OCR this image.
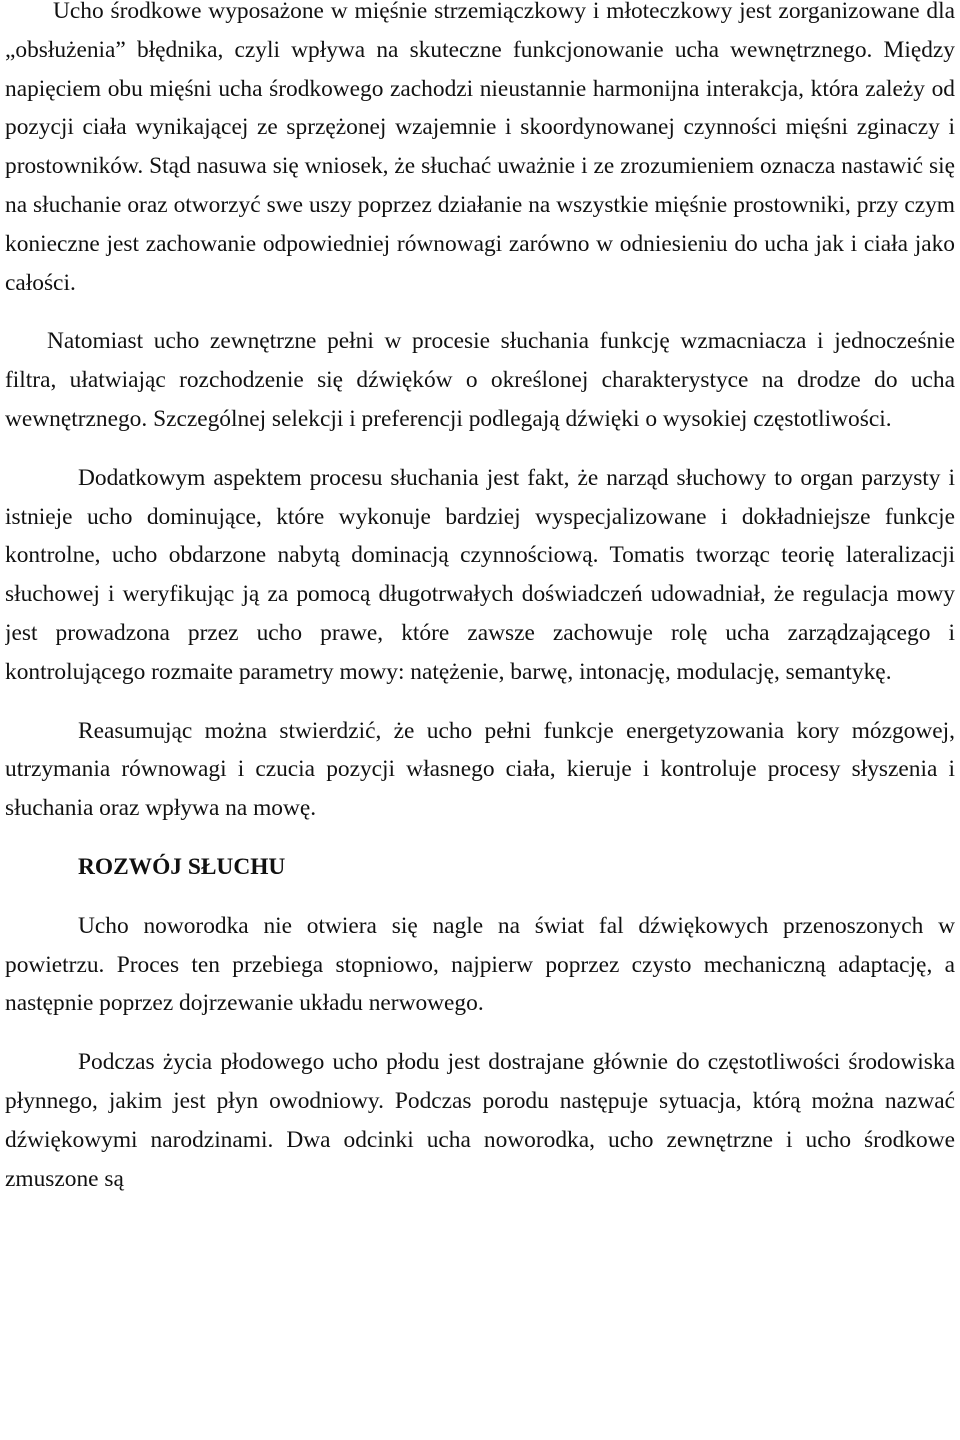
Ucho środkowe wyposażone w mięśnie strzemiączkowy i młoteczkowy jest zorganizowane dla „obsłużenia” błędnika, czyli wpływa na skuteczne funkcjonowanie ucha wewnętrznego. Między napięciem obu mięśni ucha środkowego zachodzi nieustannie harmonijna interakcja, która zależy od pozycji ciała wynikającej ze sprzężonej wzajemnie i skoordynowanej czynności mięśni zginaczy i prostowników. Stąd nasuwa się wniosek, że słuchać uważnie i ze zrozumieniem oznacza nastawić się na słuchanie oraz otworzyć swe uszy poprzez działanie na wszystkie mięśnie prostowniki, przy czym konieczne jest zachowanie odpowiedniej równowagi zarówno w odniesieniu do ucha jak i ciała jako całości.

Natomiast ucho zewnętrzne pełni w procesie słuchania funkcję wzmacniacza i jednocześnie filtra, ułatwiając rozchodzenie się dźwięków o określonej charakterystyce na drodze do ucha wewnętrznego. Szczególnej selekcji i preferencji podlegają dźwięki o wysokiej częstotliwości.

Dodatkowym aspektem procesu słuchania jest fakt, że narząd słuchowy to organ parzysty i istnieje ucho dominujące, które wykonuje bardziej wyspecjalizowane i dokładniejsze funkcje kontrolne, ucho obdarzone nabytą dominacją czynnościową. Tomatis tworząc teorię lateralizacji słuchowej i weryfikując ją za pomocą długotrwałych doświadczeń udowadniał, że regulacja mowy jest prowadzona przez ucho prawe, które zawsze zachowuje rolę ucha zarządzającego i kontrolującego rozmaite parametry mowy: natężenie, barwę, intonację, modulację, semantykę.

Reasumując można stwierdzić, że ucho pełni funkcje energetyzowania kory mózgowej, utrzymania równowagi i czucia pozycji własnego ciała, kieruje i kontroluje procesy słyszenia i słuchania oraz wpływa na mowę.

ROZWÓJ SŁUCHU

Ucho noworodka nie otwiera się nagle na świat fal dźwiękowych przenoszonych w powietrzu. Proces ten przebiega stopniowo, najpierw poprzez czysto mechaniczną adaptację, a następnie poprzez dojrzewanie układu nerwowego.

Podczas życia płodowego ucho płodu jest dostrajane głównie do częstotliwości środowiska płynnego, jakim jest płyn owodniowy. Podczas porodu następuje sytuacja, którą można nazwać dźwiękowymi narodzinami. Dwa odcinki ucha noworodka, ucho zewnętrzne i ucho środkowe zmuszone są
